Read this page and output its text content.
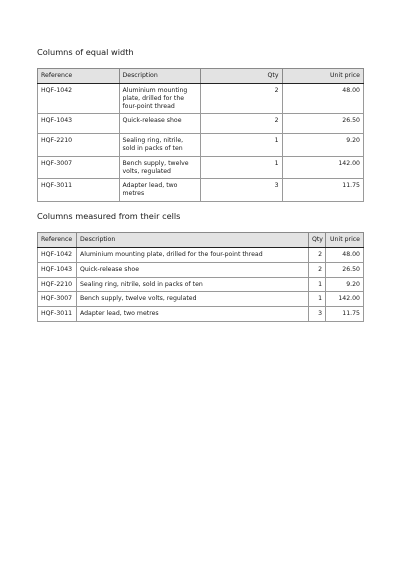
Columns of equal width
Reference	Description	Qty	Unit price
HQF-1042	Aluminium mounting plate, drilled for the four-point thread	2	48.00
HQF-1043	Quick-release shoe	2	26.50
HQF-2210	Sealing ring, nitrile, sold in packs of ten	1	9.20
HQF-3007	Bench supply, twelve volts, regulated	1	142.00
HQF-3011	Adapter lead, two metres	3	11.75
Columns measured from their cells
Reference	Description	Qty	Unit price
HQF-1042	Aluminium mounting plate, drilled for the four-point thread	2	48.00
HQF-1043	Quick-release shoe	2	26.50
HQF-2210	Sealing ring, nitrile, sold in packs of ten	1	9.20
HQF-3007	Bench supply, twelve volts, regulated	1	142.00
HQF-3011	Adapter lead, two metres	3	11.75
